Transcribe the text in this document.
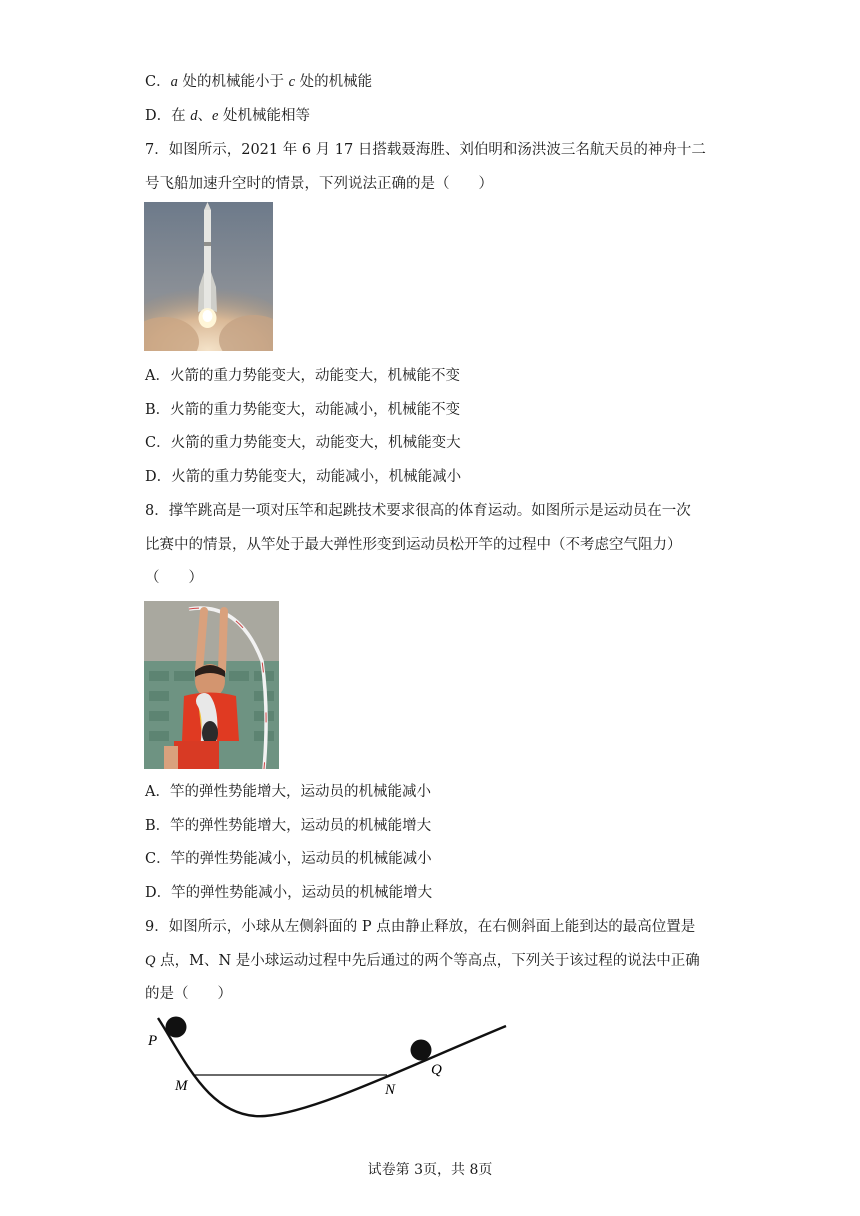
C．a 处的机械能小于 c 处的机械能
D．在 d、e 处机械能相等
7．如图所示，2021 年 6 月 17 日搭载聂海胜、刘伯明和汤洪波三名航天员的神舟十二
号飞船加速升空时的情景，下列说法正确的是（　　）
A．火箭的重力势能变大，动能变大，机械能不变
B．火箭的重力势能变大，动能减小，机械能不变
C．火箭的重力势能变大，动能变大，机械能变大
D．火箭的重力势能变大，动能减小，机械能减小
8．撑竿跳高是一项对压竿和起跳技术要求很高的体育运动。如图所示是运动员在一次
比赛中的情景，从竿处于最大弹性形变到运动员松开竿的过程中（不考虑空气阻力）
（　　）
A．竿的弹性势能增大，运动员的机械能减小
B．竿的弹性势能增大，运动员的机械能增大
C．竿的弹性势能减小，运动员的机械能减小
D．竿的弹性势能减小，运动员的机械能增大
9．如图所示，小球从左侧斜面的 P 点由静止释放，在右侧斜面上能到达的最高位置是
Q 点，M、N 是小球运动过程中先后通过的两个等高点，下列关于该过程的说法中正确
的是（　　）
P
M	N
Q
试卷第 3页，共 8页
